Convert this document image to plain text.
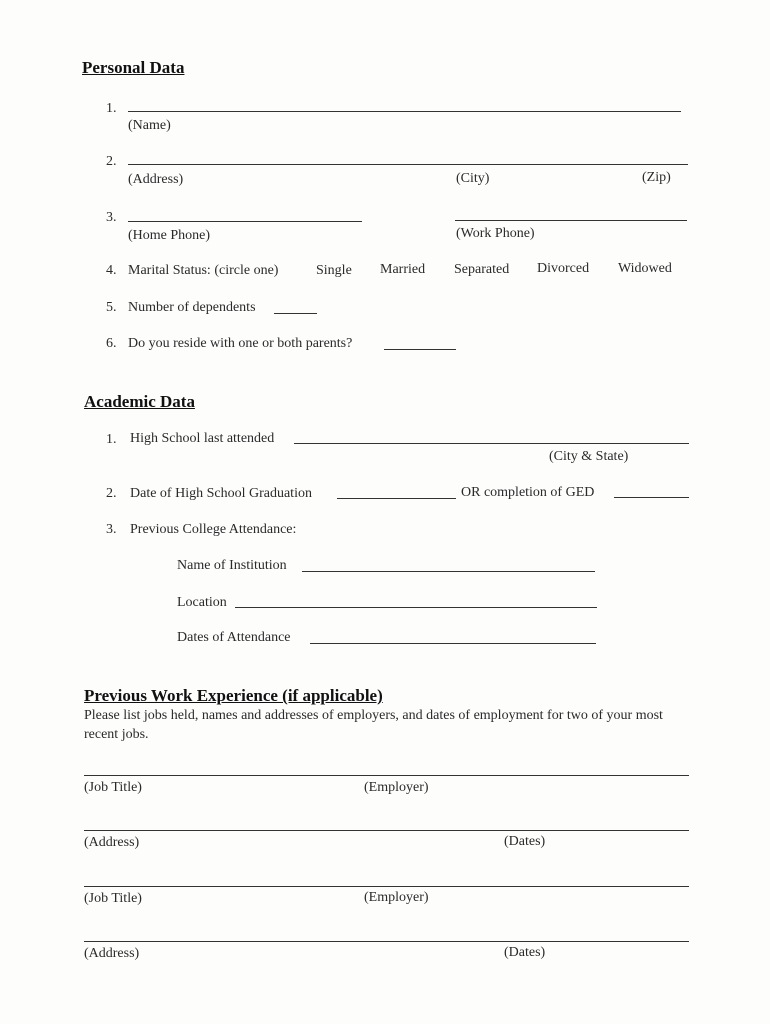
Personal Data
1.
(Name)
2.
(Address)	(City)	(Zip)
3.
(Home Phone)	(Work Phone)
4. Marital Status: (circle one)	Single Married Separated Divorced Widowed
5. Number of dependents
6. Do you reside with one or both parents?
Academic Data
1. High School last attended
(City & State)
2. Date of High School Graduation	OR completion of GED
3. Previous College Attendance:
Name of Institution
Location
Dates of Attendance
Previous Work Experience (if applicable)
Please list jobs held, names and addresses of employers, and dates of employment for two of your most recent jobs.
(Job Title)	(Employer)
(Address)	(Dates)
(Job Title)	(Employer)
(Address)	(Dates)
